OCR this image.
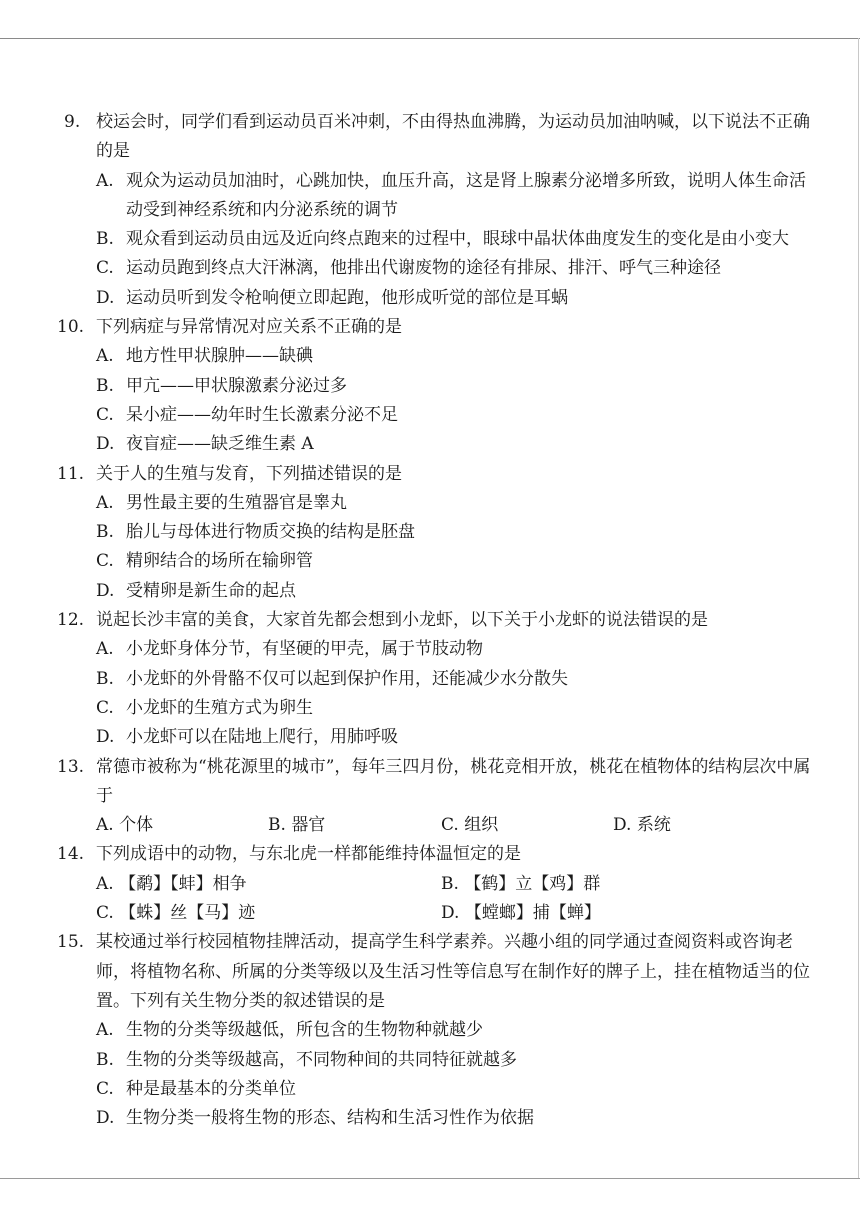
9. 校运会时，同学们看到运动员百米冲刺，不由得热血沸腾，为运动员加油呐喊，以下说法不正确的是
A. 观众为运动员加油时，心跳加快，血压升高，这是肾上腺素分泌增多所致，说明人体生命活动受到神经系统和内分泌系统的调节
B. 观众看到运动员由远及近向终点跑来的过程中，眼球中晶状体曲度发生的变化是由小变大
C. 运动员跑到终点大汗淋漓，他排出代谢废物的途径有排尿、排汗、呼气三种途径
D. 运动员听到发令枪响便立即起跑，他形成听觉的部位是耳蜗
10. 下列病症与异常情况对应关系不正确的是
A. 地方性甲状腺肿——缺碘
B. 甲亢——甲状腺激素分泌过多
C. 呆小症——幼年时生长激素分泌不足
D. 夜盲症——缺乏维生素 A
11. 关于人的生殖与发育，下列描述错误的是
A. 男性最主要的生殖器官是睾丸
B. 胎儿与母体进行物质交换的结构是胚盘
C. 精卵结合的场所在输卵管
D. 受精卵是新生命的起点
12. 说起长沙丰富的美食，大家首先都会想到小龙虾，以下关于小龙虾的说法错误的是
A. 小龙虾身体分节，有坚硬的甲壳，属于节肢动物
B. 小龙虾的外骨骼不仅可以起到保护作用，还能减少水分散失
C. 小龙虾的生殖方式为卵生
D. 小龙虾可以在陆地上爬行，用肺呼吸
13. 常德市被称为“桃花源里的城市”，每年三四月份，桃花竞相开放，桃花在植物体的结构层次中属于
A. 个体	B. 器官	C. 组织	D. 系统
14. 下列成语中的动物，与东北虎一样都能维持体温恒定的是
A. 【鹬】【蚌】相争	B. 【鹤】立【鸡】群
C. 【蛛】丝【马】迹	D. 【螳螂】捕【蝉】
15. 某校通过举行校园植物挂牌活动，提高学生科学素养。兴趣小组的同学通过查阅资料或咨询老师，将植物名称、所属的分类等级以及生活习性等信息写在制作好的牌子上，挂在植物适当的位置。下列有关生物分类的叙述错误的是
A. 生物的分类等级越低，所包含的生物物种就越少
B. 生物的分类等级越高，不同物种间的共同特征就越多
C. 种是最基本的分类单位
D. 生物分类一般将生物的形态、结构和生活习性作为依据
